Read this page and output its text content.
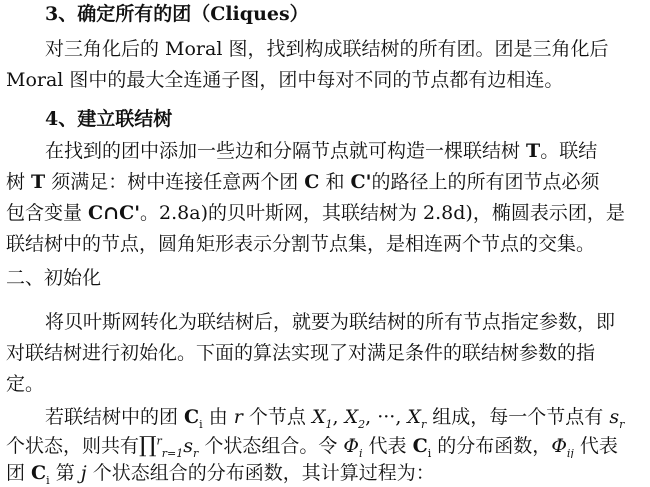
3、确定所有的团（Cliques）
对三角化后的 Moral 图，找到构成联结树的所有团。团是三角化后
Moral 图中的最大全连通子图，团中每对不同的节点都有边相连。
4、建立联结树
在找到的团中添加一些边和分隔节点就可构造一棵联结树 T。联结
树 T 须满足：树中连接任意两个团 C 和 C'的路径上的所有团节点必须
包含变量 C∩C'。2.8a)的贝叶斯网，其联结树为 2.8d)，椭圆表示团，是
联结树中的节点，圆角矩形表示分割节点集，是相连两个节点的交集。
二、初始化
将贝叶斯网转化为联结树后，就要为联结树的所有节点指定参数，即
对联结树进行初始化。下面的算法实现了对满足条件的联结树参数的指
定。
若联结树中的团 $C_i$ 由 r 个节点 $X_1$, $X_2$, ···, $X_r$ 组成，每一个节点有 $s_r$
个状态，则共有$\prod^r_{r=1}s_r$ 个状态组合。令 $\Phi_i$ 代表 $C_i$ 的分布函数，$\Phi_{ij}$ 代表
团 $C_i$ 第 j 个状态组合的分布函数，其计算过程为：
